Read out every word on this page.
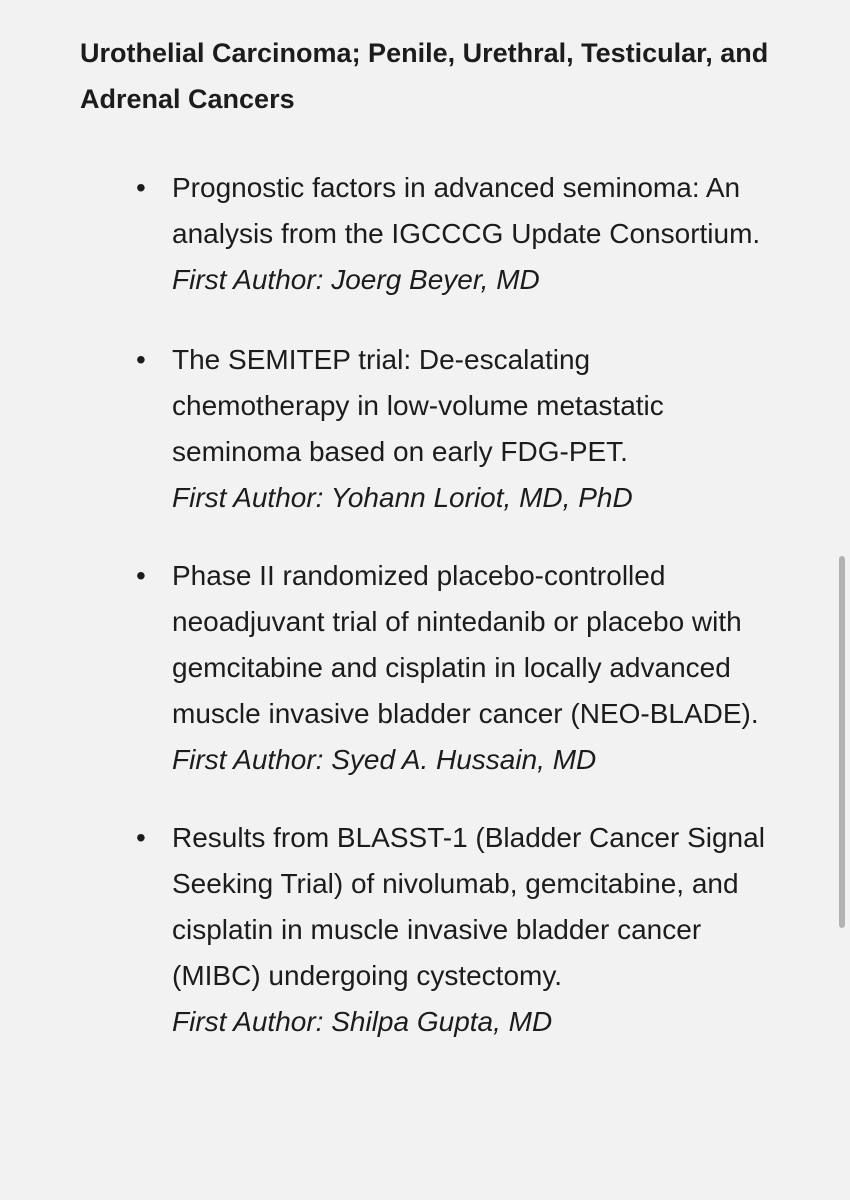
Urothelial Carcinoma; Penile, Urethral, Testicular, and Adrenal Cancers
• Prognostic factors in advanced seminoma: An analysis from the IGCCCG Update Consortium.

First Author: Joerg Beyer, MD

• The SEMITEP trial: De-escalating chemotherapy in low-volume metastatic seminoma based on early FDG-PET.

First Author: Yohann Loriot, MD, PhD

• Phase II randomized placebo-controlled neoadjuvant trial of nintedanib or placebo with gemcitabine and cisplatin in locally advanced muscle invasive bladder cancer (NEO-BLADE).

First Author: Syed A. Hussain, MD

• Results from BLASST-1 (Bladder Cancer Signal Seeking Trial) of nivolumab, gemcitabine, and cisplatin in muscle invasive bladder cancer (MIBC) undergoing cystectomy.

First Author: Shilpa Gupta, MD
